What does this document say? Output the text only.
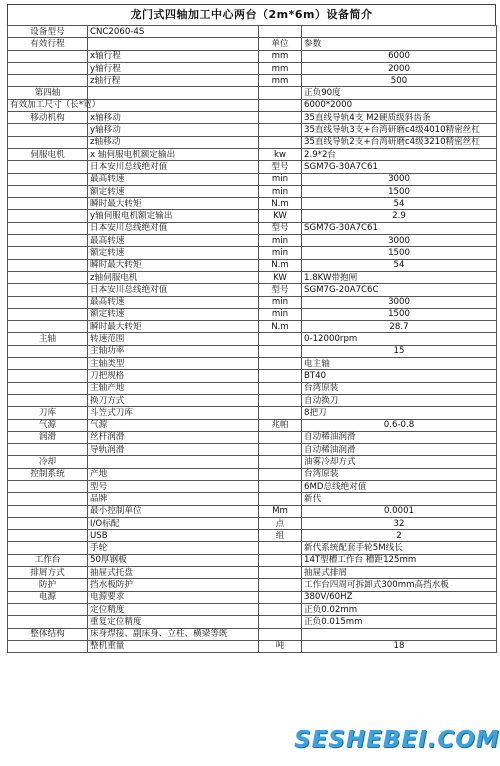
龙门式四轴加工中心两台（2m*6m）设备简介
设备型号	CNC2060-4S		
有效行程		单位	参数
	x轴行程	mm	6000
	y轴行程	mm	2000
	z轴行程	mm	500
第四轴			正负90度
有效加工尺寸（长*宽）			6000*2000
移动机构	x轴移动		35直线导轨4支 M2硬质级斜齿条
	y轴移动		35直线导轨3支+台湾研磨c4级4010精密丝杠
	z轴移动		35直线导轨2支+台湾研磨c4级3210精密丝杠
伺服电机	x 轴伺服电机额定输出	kw	2.9*2台
	日本安川总线绝对值	型号	SGM7G-30A7C61
	最高转速	min	3000
	额定转速	min	1500
	瞬时最大转矩	N.m	54
	y轴伺服电机额定输出	KW	2.9
	日本安川总线绝对值	型号	SGM7G-30A7C61
	最高转速	min	3000
	额定转速	min	1500
	瞬时最大转矩	N.m	54
	z轴伺服电机	KW	1.8KW带抱闸
	日本安川总线绝对值	型号	SGM7G-20A7C6C
	最高转速	min	3000
	额定转速	min	1500
	瞬时最大转矩	N.m	28.7
主轴	转速范围		0-12000rpm
	主轴功率		15
	主轴类型		电主轴
	刀把规格		BT40
	主轴产地		台湾原装
	换刀方式		自动换刀
刀库	斗笠式刀库		8把刀
气源	气源	兆帕	0.6-0.8
润滑	丝杆润滑		自动稀油润滑
	导轨润滑		自动稀油润滑
冷却			油雾冷却方式
控制系统	产地		台湾原装
	型号		6MD总线绝对值
	品牌		新代
	最小控制单位	Mm	0.0001
	I/O标配	点	32
	USB	组	2
	手轮		新代系统配套手轮5M线长
工作台	50厚钢板		14T型槽工作台 槽距125mm
排屑方式	抽屉式托盘		抽屉式排屑
防护	挡水板防护		工作台四周可拆卸式300mm高挡水板
电源	电源要求		380V/60HZ
	定位精度		正负0.02mm
	重复定位精度		正负0.015mm
整体结构	床身焊接、副床身、立柱、横梁等既		
	整机重量	吨	18
SESHEBEI.COM
